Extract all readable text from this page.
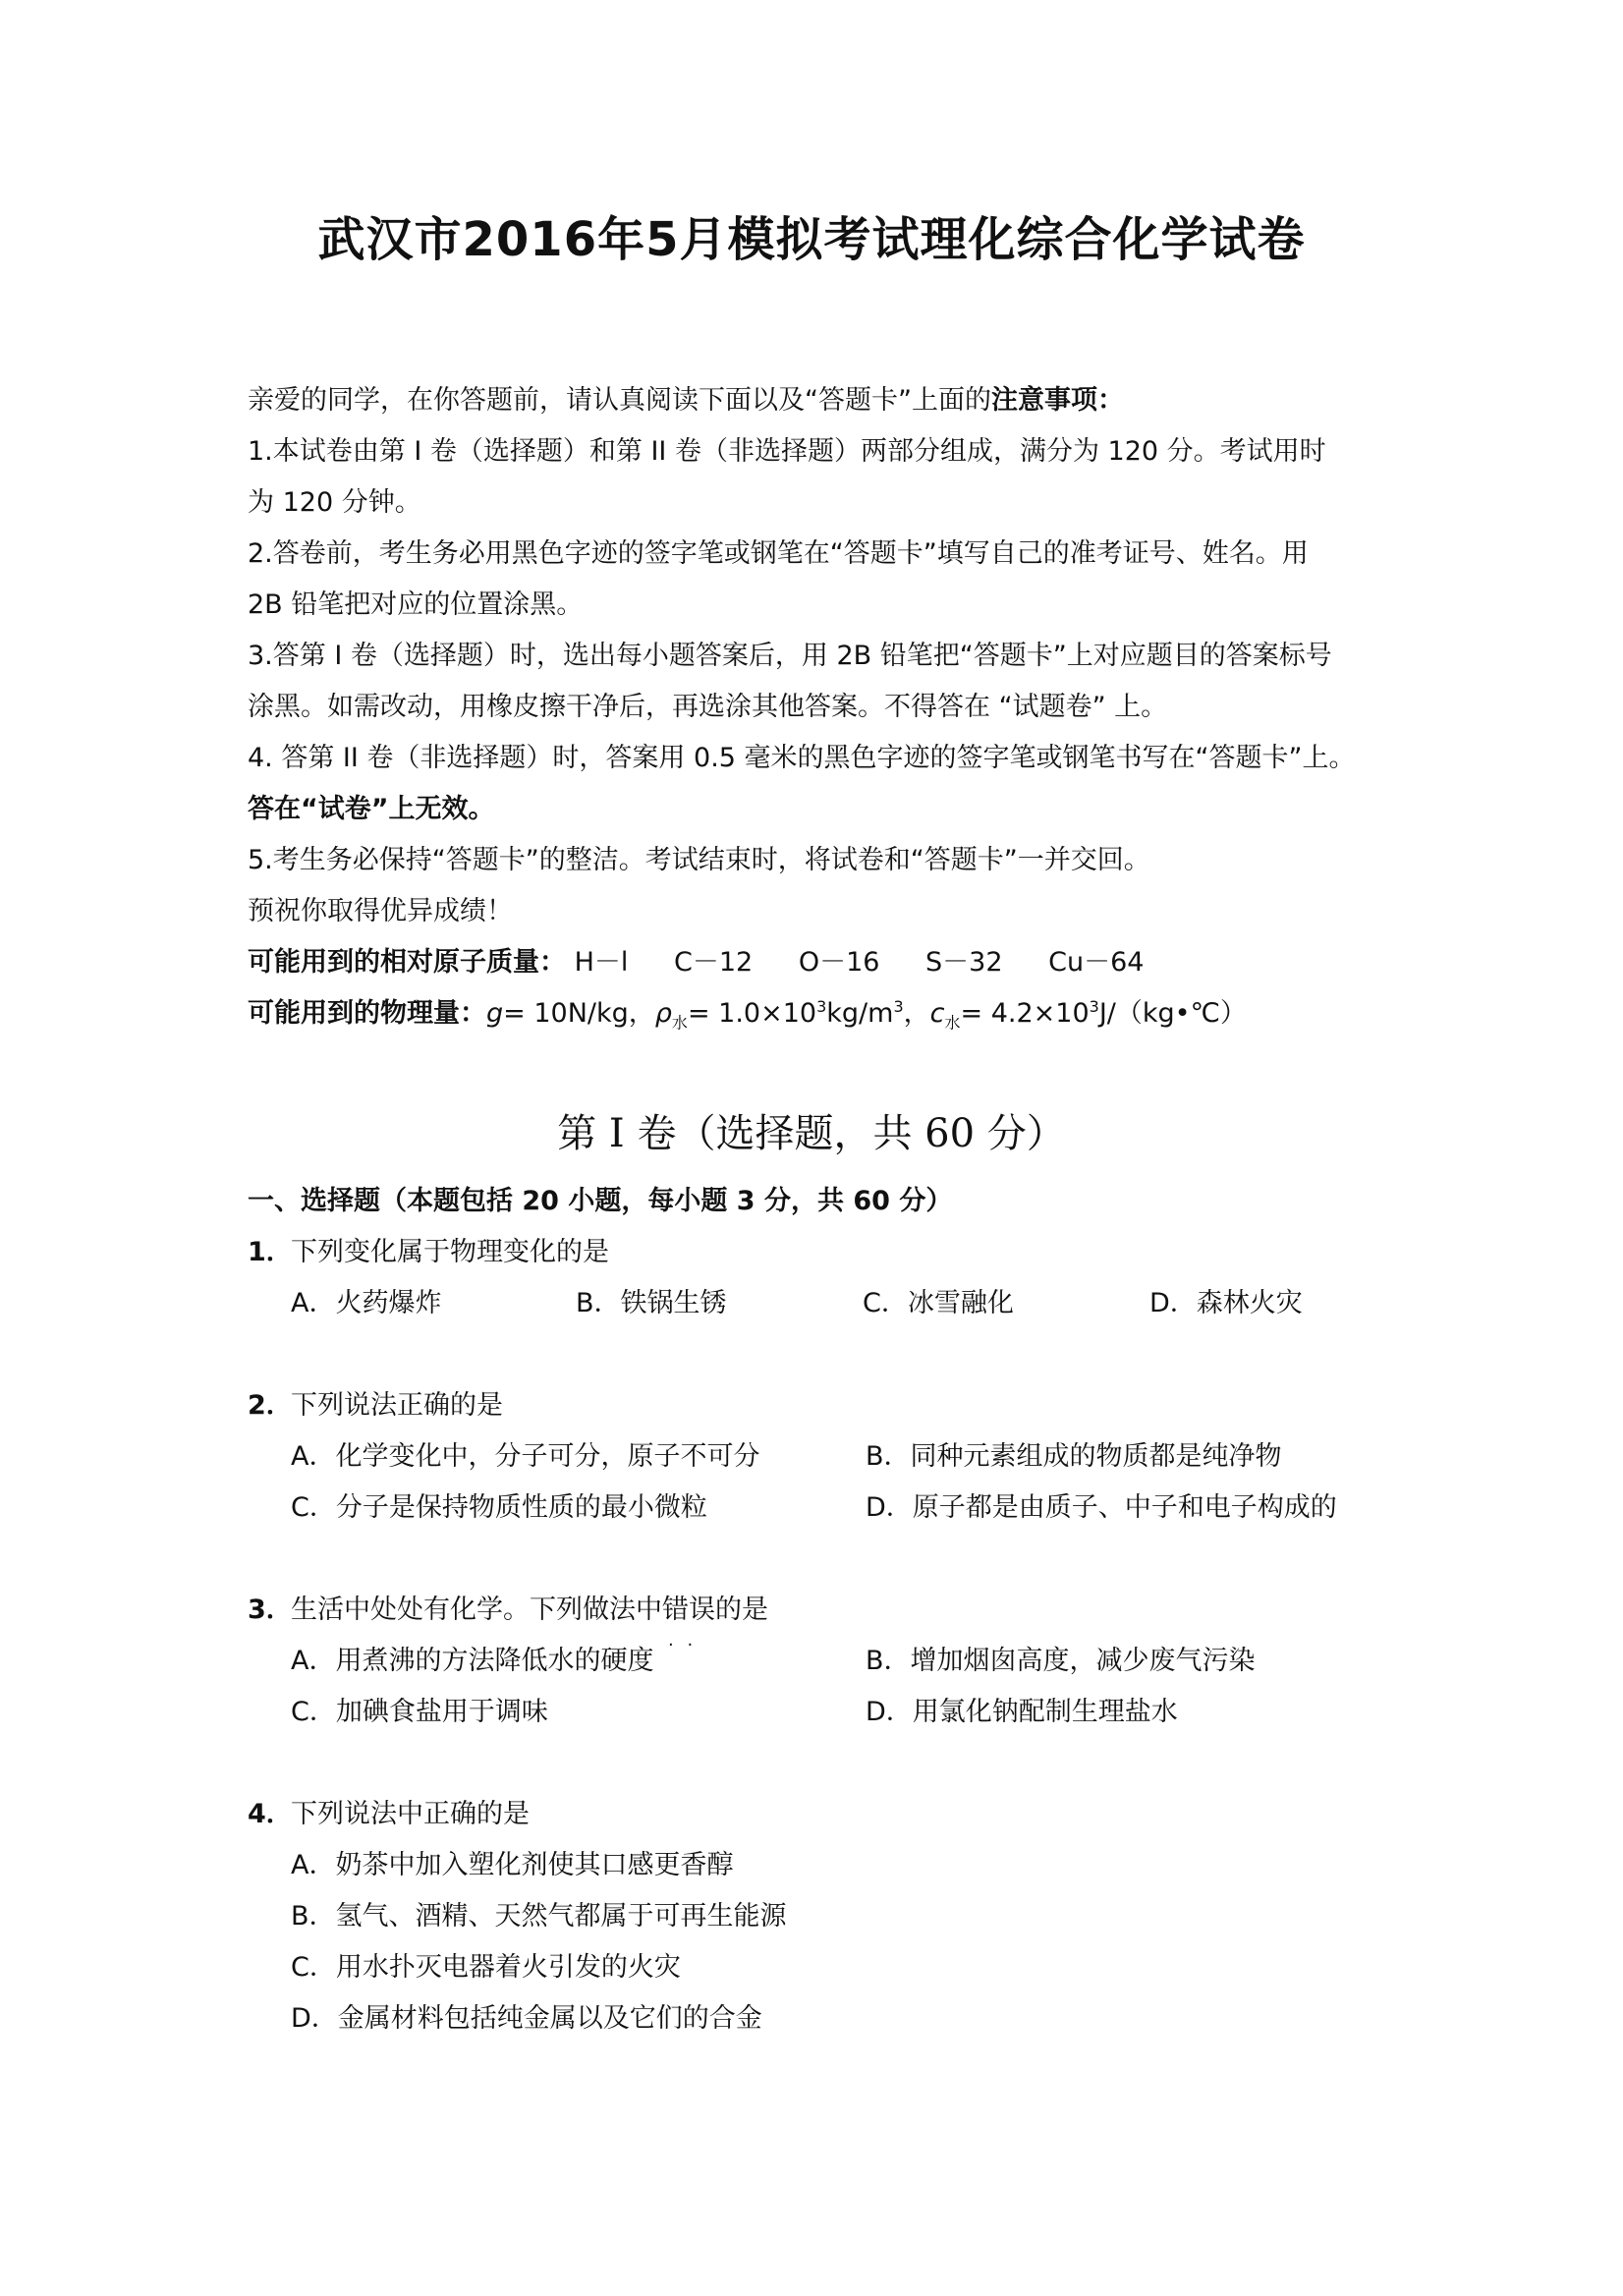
武汉市2016年5月模拟考试理化综合化学试卷

亲爱的同学，在你答题前，请认真阅读下面以及“答题卡”上面的注意事项：

1.本试卷由第 I 卷（选择题）和第 II 卷（非选择题）两部分组成，满分为 120 分。考试用时

为 120 分钟。

2.答卷前，考生务必用黑色字迹的签字笔或钢笔在“答题卡”填写自己的准考证号、姓名。用

2B 铅笔把对应的位置涂黑。

3.答第 I 卷（选择题）时，选出每小题答案后，用 2B 铅笔把“答题卡”上对应题目的答案标号

涂黑。如需改动，用橡皮擦干净后，再选涂其他答案。不得答在 “试题卷” 上。

4. 答第 II 卷（非选择题）时，答案用 0.5 毫米的黑色字迹的签字笔或钢笔书写在“答题卡”上。

答在“试卷”上无效。

5.考生务必保持“答题卡”的整洁。考试结束时，将试卷和“答题卡”一并交回。

预祝你取得优异成绩！

可能用到的相对原子质量： H－l C－12 O－16 S－32 Cu－64

可能用到的物理量：g= 10N/kg，$\rho_水= 1.0\times 10^3kg/m^3$，$c_水=$ $4.2\times 10^3J/(kg•℃)$

第 I 卷（选择题，共 60 分）
一、选择题（本题包括 20 小题，每小题 3 分，共 60 分）
1．下列变化属于物理变化的是
A．火药爆炸	B．铁锅生锈	C．冰雪融化	D．森林火灾
2．下列说法正确的是
A．化学变化中，分子可分，原子不可分	B．同种元素组成的物质都是纯净物
C．分子是保持物质性质的最小微粒	D．原子都是由质子、中子和电子构成的
3．生活中处处有化学。下列做法中错误 · ·的是
A．用煮沸的方法降低水的硬度	B．增加烟囱高度，减少废气污染
C．加碘食盐用于调味	D．用氯化钠配制生理盐水
4．下列说法中正确的是
A．奶茶中加入塑化剂使其口感更香醇
B．氢气、酒精、天然气都属于可再生能源
C．用水扑灭电器着火引发的火灾
D．金属材料包括纯金属以及它们的合金
